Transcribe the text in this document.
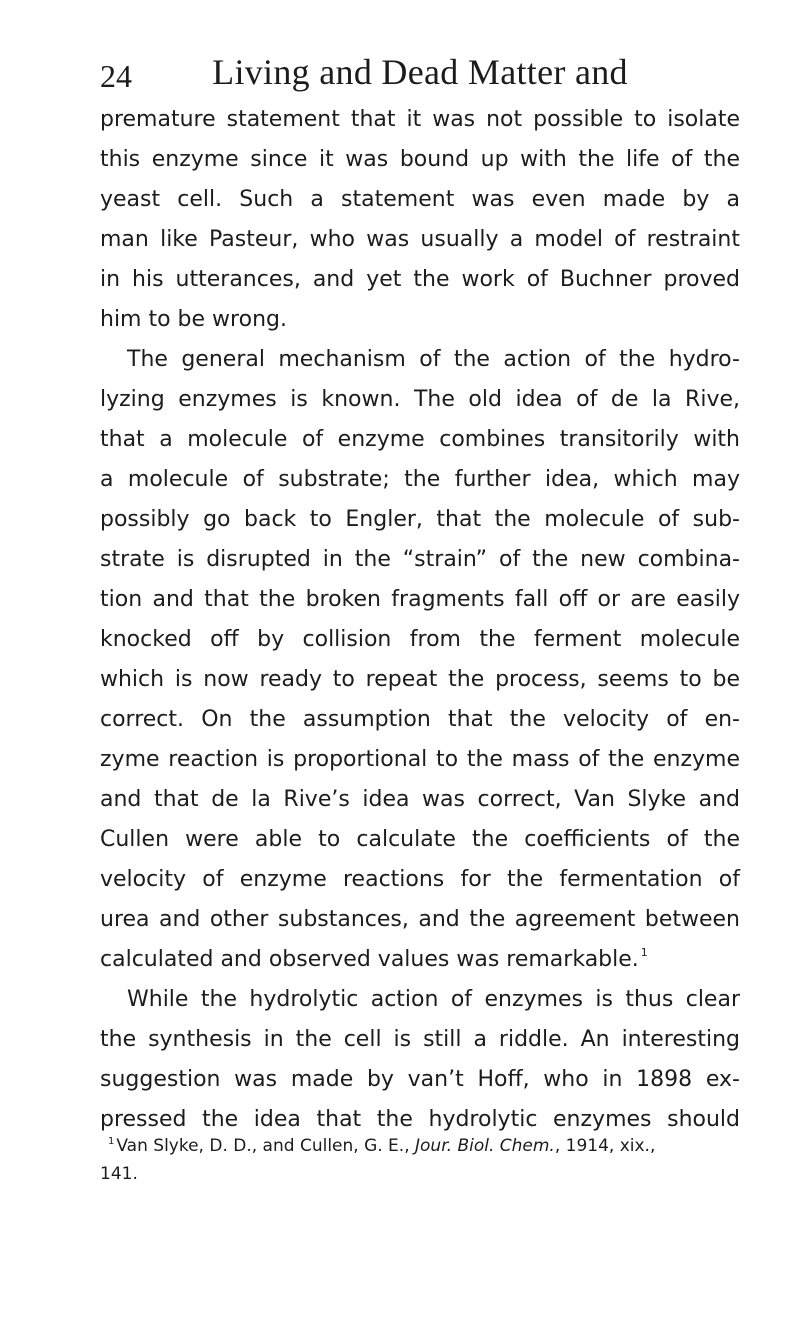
24	Living and Dead Matter and
premature statement that it was not possible to isolate
this enzyme since it was bound up with the life of the
yeast cell. Such a statement was even made by a
man like Pasteur, who was usually a model of restraint
in his utterances, and yet the work of Buchner proved
him to be wrong.
The general mechanism of the action of the hydro-
lyzing enzymes is known. The old idea of de la Rive,
that a molecule of enzyme combines transitorily with
a molecule of substrate; the further idea, which may
possibly go back to Engler, that the molecule of sub-
strate is disrupted in the “strain” of the new combina-
tion and that the broken fragments fall off or are easily
knocked off by collision from the ferment molecule
which is now ready to repeat the process, seems to be
correct. On the assumption that the velocity of en-
zyme reaction is proportional to the mass of the enzyme
and that de la Rive’s idea was correct, Van Slyke and
Cullen were able to calculate the coefficients of the
velocity of enzyme reactions for the fermentation of
urea and other substances, and the agreement between
calculated and observed values was remarkable. $^1$
While the hydrolytic action of enzymes is thus clear
the synthesis in the cell is still a riddle. An interesting
suggestion was made by van’t Hoff, who in 1898 ex-
pressed the idea that the hydrolytic enzymes should
$^1$ Van Slyke, D. D., and Cullen, G. E., Jour. Biol. Chem., 1914, xix.,
141.
